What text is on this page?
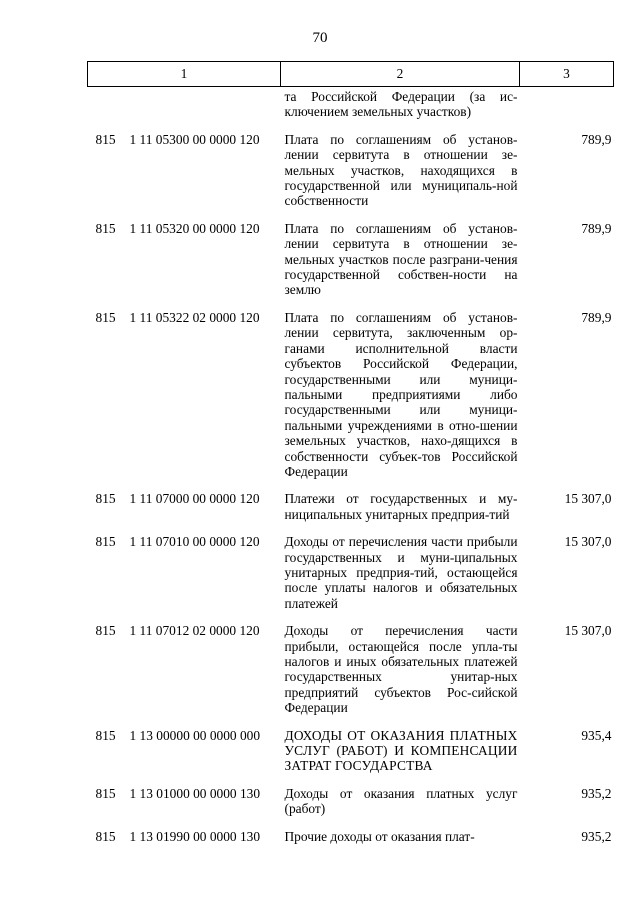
70
1	2	3
	та Российской Федерации (за ис-ключением земельных участков)	
815 1 11 05300 00 0000 120	Плата по соглашениям об установ-лении сервитута в отношении зе-мельных участков, находящихся в государственной или муниципаль-ной собственности	789,9
815 1 11 05320 00 0000 120	Плата по соглашениям об установ-лении сервитута в отношении зе-мельных участков после разграни-чения государственной собствен-ности на землю	789,9
815 1 11 05322 02 0000 120	Плата по соглашениям об установ-лении сервитута, заключенным ор-ганами исполнительной власти субъектов Российской Федерации, государственными или муници-пальными предприятиями либо государственными или муници-пальными учреждениями в отно-шении земельных участков, нахо-дящихся в собственности субъек-тов Российской Федерации	789,9
815 1 11 07000 00 0000 120	Платежи от государственных и му-ниципальных унитарных предприя-тий	15 307,0
815 1 11 07010 00 0000 120	Доходы от перечисления части прибыли государственных и муни-ципальных унитарных предприя-тий, остающейся после уплаты налогов и обязательных платежей	15 307,0
815 1 11 07012 02 0000 120	Доходы от перечисления части прибыли, остающейся после упла-ты налогов и иных обязательных платежей государственных унитар-ных предприятий субъектов Рос-сийской Федерации	15 307,0
815 1 13 00000 00 0000 000	ДОХОДЫ ОТ ОКАЗАНИЯ ПЛАТНЫХ УСЛУГ (РАБОТ) И КОМПЕНСАЦИИ ЗАТРАТ ГОСУДАРСТВА	935,4
815 1 13 01000 00 0000 130	Доходы от оказания платных услуг (работ)	935,2
815 1 13 01990 00 0000 130	Прочие доходы от оказания плат-	935,2
